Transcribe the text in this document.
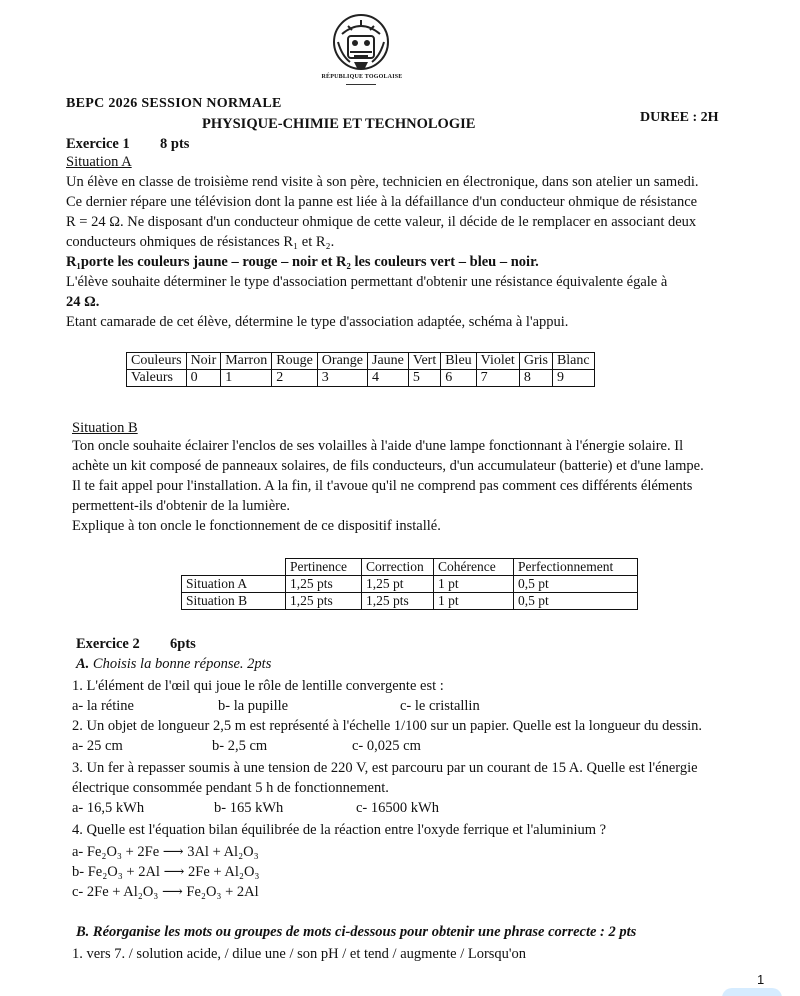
RÉPUBLIQUE TOGOLAISE
BEPC 2026 SESSION NORMALE
PHYSIQUE-CHIMIE ET TECHNOLOGIE	DUREE : 2H
Exercice 1 8 pts
Situation A
Un élève en classe de troisième rend visite à son père, technicien en électronique, dans son atelier un samedi.
Ce dernier répare une télévision dont la panne est liée à la défaillance d'un conducteur ohmique de résistance
R = 24 Ω. Ne disposant d'un conducteur ohmique de cette valeur, il décide de le remplacer en associant deux
conducteurs ohmiques de résistances R₁ et R₂.
R₁porte les couleurs jaune – rouge – noir et R₂ les couleurs vert – bleu – noir.
L'élève souhaite déterminer le type d'association permettant d'obtenir une résistance équivalente égale à
24 Ω.
Etant camarade de cet élève, détermine le type d'association adaptée, schéma à l'appui.
Couleurs	Noir	Marron	Rouge	Orange	Jaune	Vert	Bleu	Violet	Gris	Blanc
Valeurs	0	1	2	3	4	5	6	7	8	9
Situation B
Ton oncle souhaite éclairer l'enclos de ses volailles à l'aide d'une lampe fonctionnant à l'énergie solaire. Il
achète un kit composé de panneaux solaires, de fils conducteurs, d'un accumulateur (batterie) et d'une lampe.
Il te fait appel pour l'installation. A la fin, il t'avoue qu'il ne comprend pas comment ces différents éléments
permettent-ils d'obtenir de la lumière.
Explique à ton oncle le fonctionnement de ce dispositif installé.
	Pertinence	Correction	Cohérence	Perfectionnement
Situation A	1,25 pts	1,25 pt	1 pt	0,5 pt
Situation B	1,25 pts	1,25 pts	1 pt	0,5 pt
Exercice 2 6pts
A. Choisis la bonne réponse. 2pts
1. L'élément de l'œil qui joue le rôle de lentille convergente est :
a- la rétine	b- la pupille	c- le cristallin
2. Un objet de longueur 2,5 m est représenté à l'échelle 1/100 sur un papier. Quelle est la longueur du dessin.
a- 25 cm	b- 2,5 cm	c- 0,025 cm
3. Un fer à repasser soumis à une tension de 220 V, est parcouru par un courant de 15 A. Quelle est l'énergie
électrique consommée pendant 5 h de fonctionnement.
a- 16,5 kWh	b- 165 kWh	c- 16500 kWh
4. Quelle est l'équation bilan équilibrée de la réaction entre l'oxyde ferrique et l'aluminium ?
a- Fe₂O₃ + 2Fe ⟶ 3Al + Al₂O₃
b- Fe₂O₃ + 2Al ⟶ 2Fe + Al₂O₃
c- 2Fe + Al₂O₃ ⟶ Fe₂O₃ + 2Al
B. Réorganise les mots ou groupes de mots ci-dessous pour obtenir une phrase correcte : 2 pts
1. vers 7. / solution acide, / dilue une / son pH / et tend / augmente / Lorsqu'on
1
